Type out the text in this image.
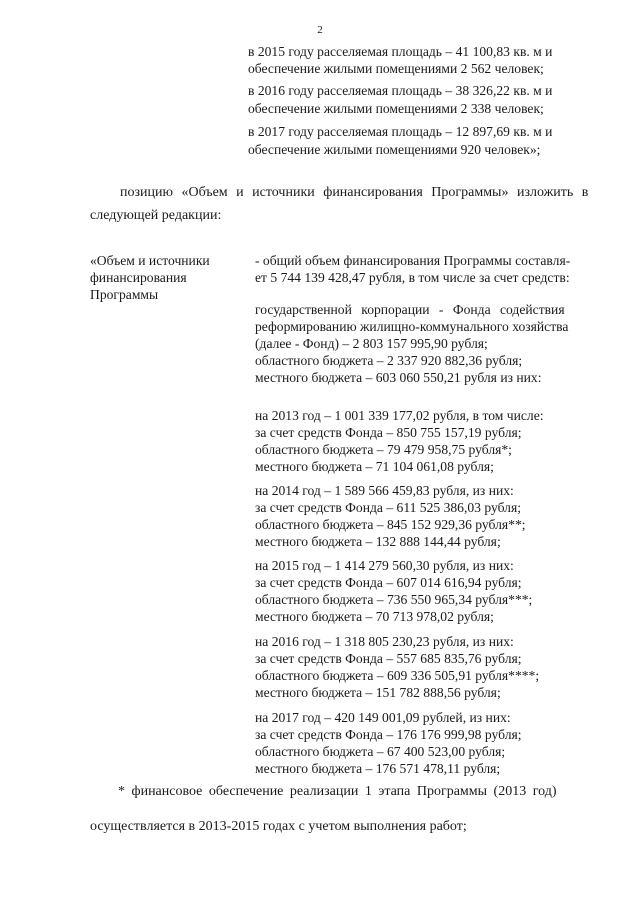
2
в 2015 году расселяемая площадь – 41 100,83 кв. м и
обеспечение жилыми помещениями 2 562 человек;
в 2016 году расселяемая площадь – 38 326,22 кв. м и
обеспечение жилыми помещениями 2 338 человек;
в 2017 году расселяемая площадь – 12 897,69 кв. м и
обеспечение жилыми помещениями 920 человек»;
позицию «Объем и источники финансирования Программы» изложить в
следующей редакции:
«Объем и источники
финансирования
Программы
- общий объем финансирования Программы составля-
ет 5 744 139 428,47 рубля, в том числе за счет средств:
государственной корпорации - Фонда содействия
реформированию жилищно-коммунального хозяйства
(далее - Фонд) – 2 803 157 995,90 рубля;
областного бюджета – 2 337 920 882,36 рубля;
местного бюджета – 603 060 550,21 рубля из них:
на 2013 год – 1 001 339 177,02 рубля, в том числе:
за счет средств Фонда – 850 755 157,19 рубля;
областного бюджета – 79 479 958,75 рубля*;
местного бюджета – 71 104 061,08 рубля;
на 2014 год – 1 589 566 459,83 рубля, из них:
за счет средств Фонда – 611 525 386,03 рубля;
областного бюджета – 845 152 929,36 рубля**;
местного бюджета – 132 888 144,44 рубля;
на 2015 год – 1 414 279 560,30 рубля, из них:
за счет средств Фонда – 607 014 616,94 рубля;
областного бюджета – 736 550 965,34 рубля***;
местного бюджета – 70 713 978,02 рубля;
на 2016 год – 1 318 805 230,23 рубля, из них:
за счет средств Фонда – 557 685 835,76 рубля;
областного бюджета – 609 336 505,91 рубля****;
местного бюджета – 151 782 888,56 рубля;
на 2017 год – 420 149 001,09 рублей, из них:
за счет средств Фонда – 176 176 999,98 рубля;
областного бюджета – 67 400 523,00 рубля;
местного бюджета – 176 571 478,11 рубля;
* финансовое обеспечение реализации 1 этапа Программы (2013 год)
осуществляется в 2013-2015 годах с учетом выполнения работ;
